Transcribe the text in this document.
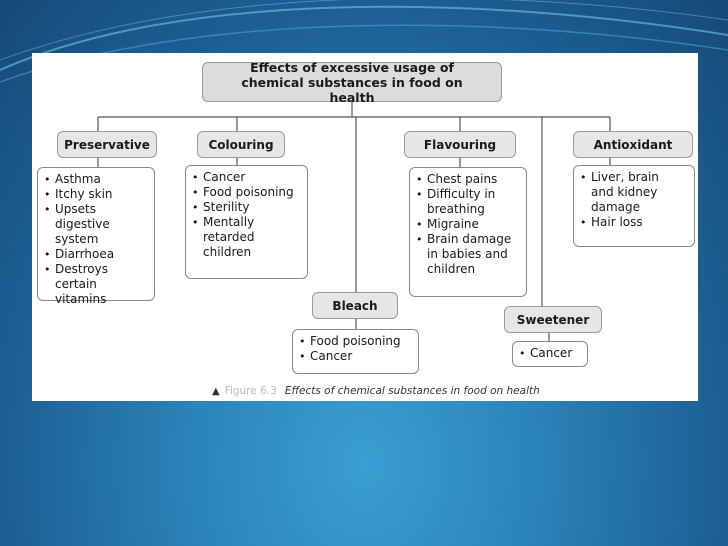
Effects of excessive usage of chemical substances in food on health
Preservative
• Asthma
• Itchy skin
• Upsets digestive
system
• Diarrhoea
• Destroys certain
vitamins
Colouring
• Cancer
• Food poisoning
• Sterility
• Mentally
retarded
children
Bleach
• Food poisoning
• Cancer
Flavouring
• Chest pains
• Difficulty in
breathing
• Migraine
• Brain damage
in babies and
children
Sweetener
• Cancer
Antioxidant
• Liver, brain
and kidney
damage
• Hair loss
▲ Figure 6.3 Effects of chemical substances in food on health
